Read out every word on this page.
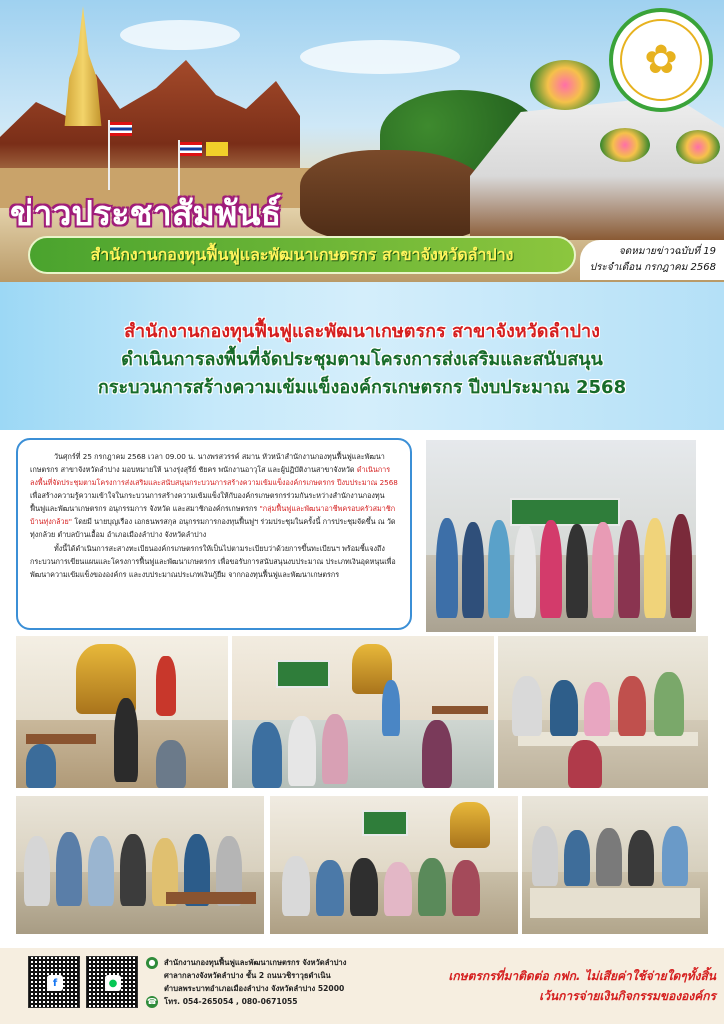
✿
ข่าวประชาสัมพันธ์
สำนักงานกองทุนฟื้นฟูและพัฒนาเกษตรกร สาขาจังหวัดลำปาง	จดหมายข่าวฉบับที่ 19
ประจำเดือน กรกฎาคม 2568
สำนักงานกองทุนฟื้นฟูและพัฒนาเกษตรกร สาขาจังหวัดลำปาง
ดำเนินการลงพื้นที่จัดประชุมตามโครงการส่งเสริมและสนับสนุน
กระบวนการสร้างความเข้มแข็งองค์กรเกษตรกร ปีงบประมาณ 2568

วันศุกร์ที่ 25 กรกฎาคม 2568 เวลา 09.00 น. นางพรสวรรค์ สมาน หัวหน้าสำนักงานกองทุนฟื้นฟูและพัฒนาเกษตรกร สาขาจังหวัดลำปาง มอบหมายให้ นางรุ่งสุรีย์ ชัยคร พนักงานอาวุโส และผู้ปฏิบัติงานสาขาจังหวัด ดำเนินการลงพื้นที่จัดประชุมตามโครงการส่งเสริมและสนับสนุนกระบวนการสร้างความเข้มแข็งองค์กรเกษตรกร ปีงบประมาณ 2568 เพื่อสร้างความรู้ความเข้าใจในกระบวนการสร้างความเข้มแข็งให้กับองค์กรเกษตรกรร่วมกันระหว่างสำนักงานกองทุนฟื้นฟูและพัฒนาเกษตรกร อนุกรรมการ จังหวัด และสมาชิกองค์กรเกษตรกร "กลุ่มฟื้นฟูและพัฒนาอาชีพครอบครัวสมาชิกบ้านทุ่งกล้วย" โดยมี นายบุญเรือง เอกธนพรสกุล อนุกรรมการกองทุนฟื้นฟูฯ ร่วมประชุมในครั้งนี้ การประชุมจัดขึ้น ณ วัดทุ่งกล้วย ตำบลบ้านเอื้อม อำเภอเมืองลำปาง จังหวัดลำปาง

ทั้งนี้ได้ดำเนินการสะสางทะเบียนองค์กรเกษตรกรให้เป็นไปตามระเบียบว่าด้วยการขึ้นทะเบียนฯ พร้อมชี้แจงถึงกระบวนการเขียนแผนและโครงการฟื้นฟูและพัฒนาเกษตรกร เพื่อขอรับการสนับสนุนงบประมาณ ประเภทเงินอุดหนุนเพื่อพัฒนาความเข้มแข็งขององค์กร และงบประมาณประเภทเงินกู้ยืม จากกองทุนฟื้นฟูและพัฒนาเกษตรกร

f	●
●	สำนักงานกองทุนฟื้นฟูและพัฒนาเกษตรกร จังหวัดลำปาง
ศาลากลางจังหวัดลำปาง ชั้น 2 ถนนวชิราวุธดำเนิน
ตำบลพระบาทอำเภอเมืองลำปาง จังหวัดลำปาง 52000
☎ โทร. 054-265054 , 080-0671055
เกษตรกรที่มาติดต่อ กฟก. ไม่เสียค่าใช้จ่ายใดๆทั้งสิ้น
เว้นการจ่ายเงินกิจกรรมขององค์กร
